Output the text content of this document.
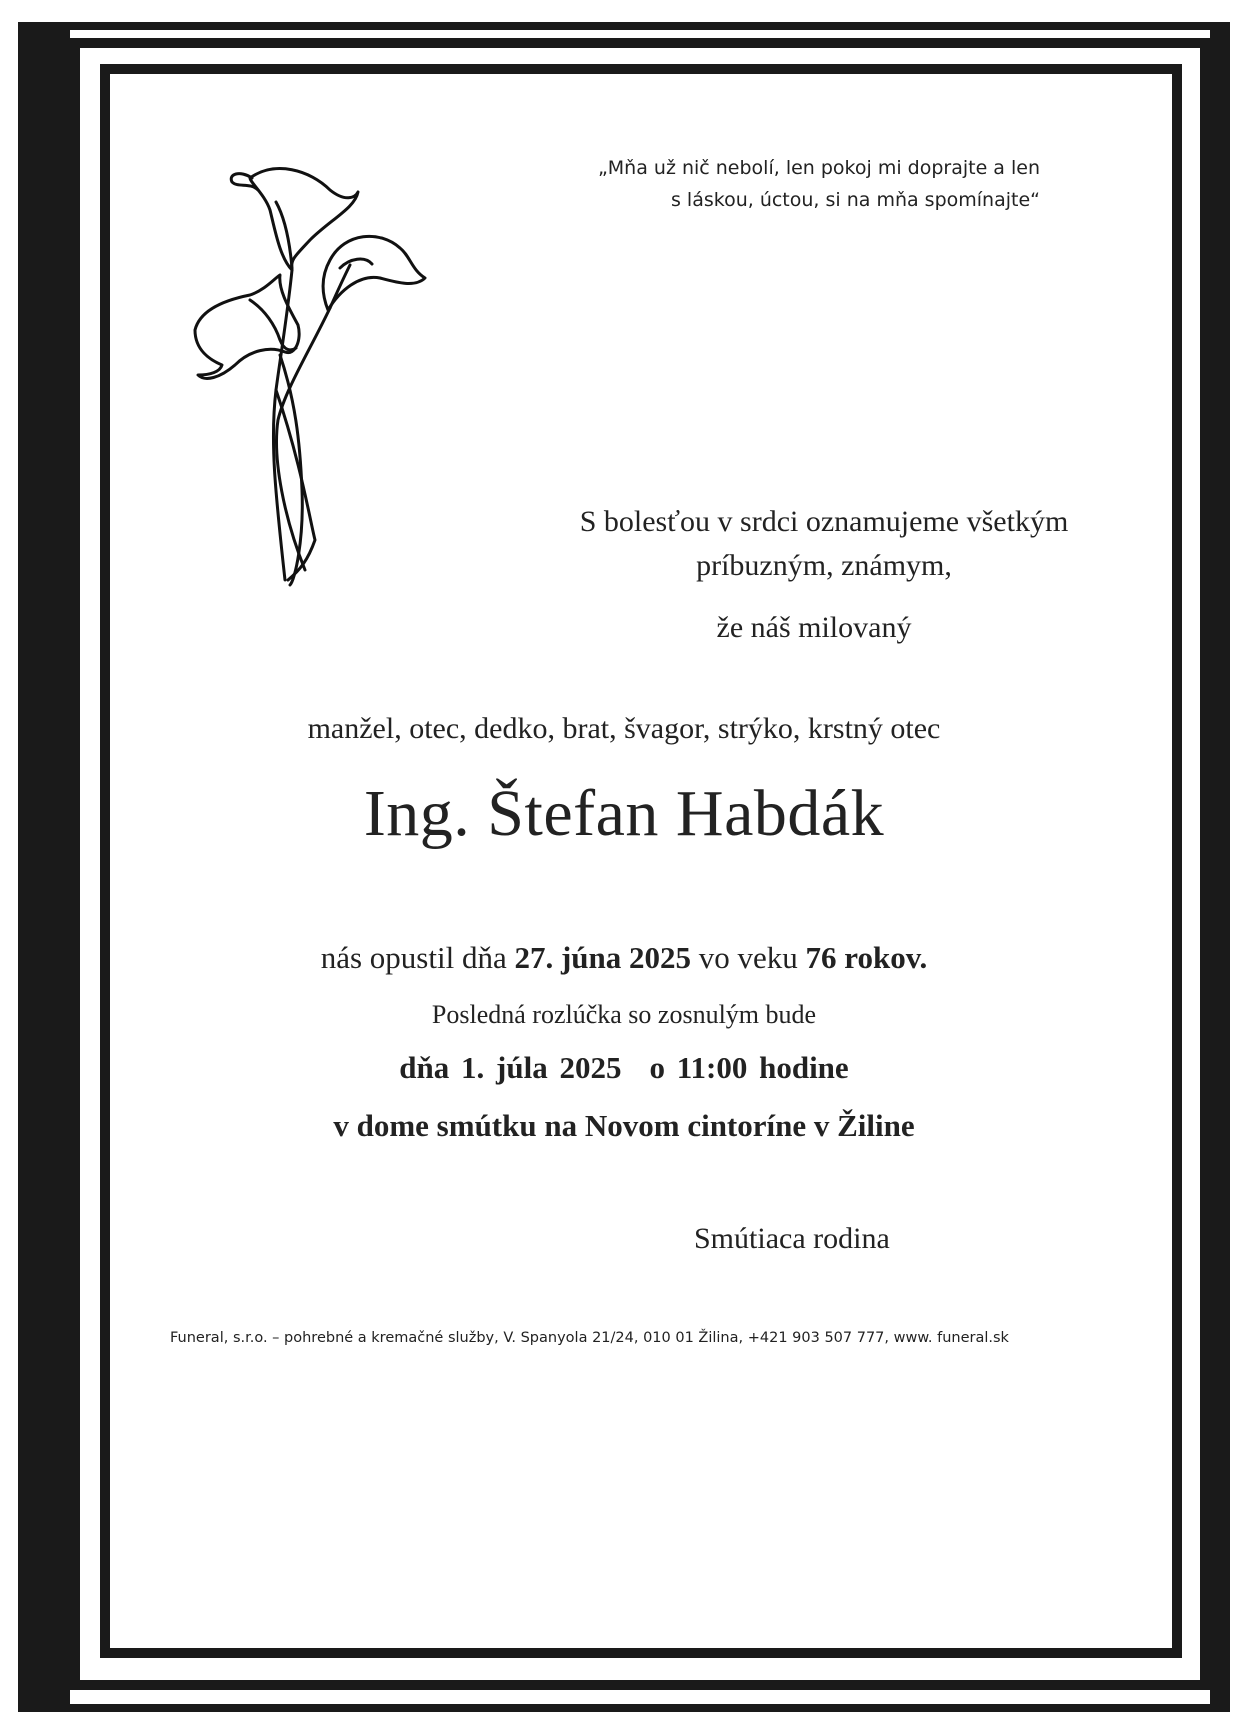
„Mňa už nič nebolí, len pokoj mi doprajte a len
s láskou, úctou, si na mňa spomínajte“
S bolesťou v srdci oznamujeme všetkým
príbuzným, známym,
že náš milovaný
manžel, otec, dedko, brat, švagor, strýko, krstný otec
Ing. Štefan Habdák
nás opustil dňa 27. júna 2025 vo veku 76 rokov.
Posledná rozlúčka so zosnulým bude
dňa 1. júla 2025 o 11:00 hodine
v dome smútku na Novom cintoríne v Žiline
Smútiaca rodina
Funeral, s.r.o. – pohrebné a kremačné služby, V. Spanyola 21/24, 010 01 Žilina, +421 903 507 777, www. funeral.sk
